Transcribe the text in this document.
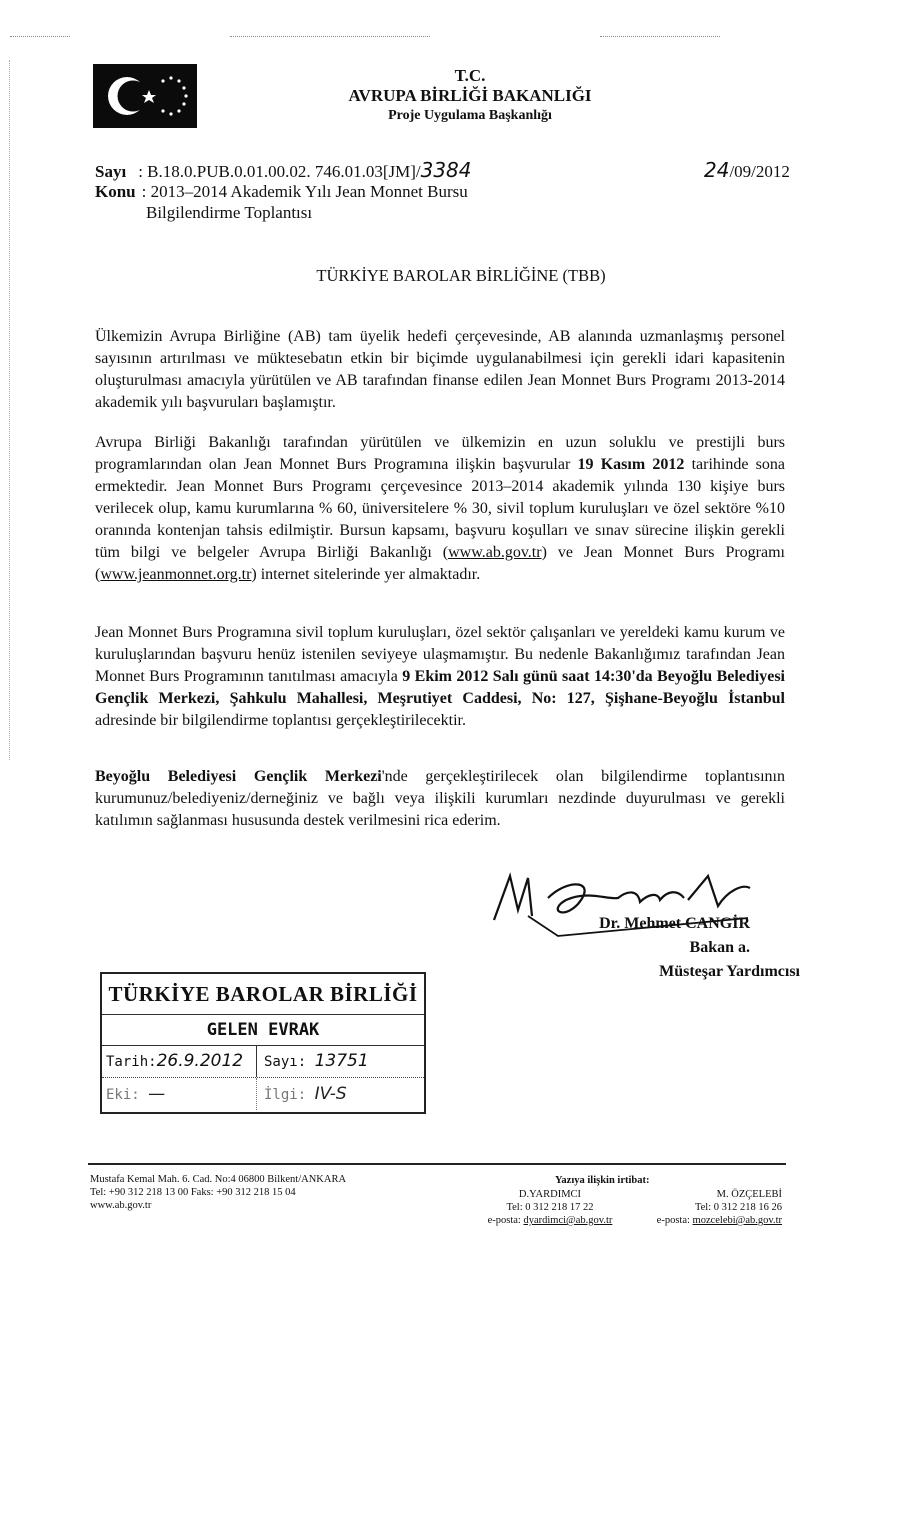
T.C.
AVRUPA BİRLİĞİ BAKANLIĞI
Proje Uygulama Başkanlığı
Sayı : B.18.0.PUB.0.01.00.02. 746.01.03[JM]/3384
Konu : 2013–2014 Akademik Yılı Jean Monnet Bursu
Bilgilendirme Toplantısı
24/09/2012
TÜRKİYE BAROLAR BİRLİĞİNE (TBB)
Ülkemizin Avrupa Birliğine (AB) tam üyelik hedefi çerçevesinde, AB alanında uzmanlaşmış personel sayısının artırılması ve müktesebatın etkin bir biçimde uygulanabilmesi için gerekli idari kapasitenin oluşturulması amacıyla yürütülen ve AB tarafından finanse edilen Jean Monnet Burs Programı 2013-2014 akademik yılı başvuruları başlamıştır.
Avrupa Birliği Bakanlığı tarafından yürütülen ve ülkemizin en uzun soluklu ve prestijli burs programlarından olan Jean Monnet Burs Programına ilişkin başvurular 19 Kasım 2012 tarihinde sona ermektedir. Jean Monnet Burs Programı çerçevesince 2013–2014 akademik yılında 130 kişiye burs verilecek olup, kamu kurumlarına % 60, üniversitelere % 30, sivil toplum kuruluşları ve özel sektöre %10 oranında kontenjan tahsis edilmiştir. Bursun kapsamı, başvuru koşulları ve sınav sürecine ilişkin gerekli tüm bilgi ve belgeler Avrupa Birliği Bakanlığı (www.ab.gov.tr) ve Jean Monnet Burs Programı (www.jeanmonnet.org.tr) internet sitelerinde yer almaktadır.
Jean Monnet Burs Programına sivil toplum kuruluşları, özel sektör çalışanları ve yereldeki kamu kurum ve kuruluşlarından başvuru henüz istenilen seviyeye ulaşmamıştır. Bu nedenle Bakanlığımız tarafından Jean Monnet Burs Programının tanıtılması amacıyla 9 Ekim 2012 Salı günü saat 14:30'da Beyoğlu Belediyesi Gençlik Merkezi, Şahkulu Mahallesi, Meşrutiyet Caddesi, No: 127, Şişhane-Beyoğlu İstanbul adresinde bir bilgilendirme toplantısı gerçekleştirilecektir.
Beyoğlu Belediyesi Gençlik Merkezi'nde gerçekleştirilecek olan bilgilendirme toplantısının kurumunuz/belediyeniz/derneğiniz ve bağlı veya ilişkili kurumları nezdinde duyurulması ve gerekli katılımın sağlanması hususunda destek verilmesini rica ederim.
Dr. Mehmet CANGİR
Bakan a.
Müsteşar Yardımcısı
TÜRKİYE BAROLAR BİRLİĞİ
GELEN EVRAK
Tarih:26.9.2012	Sayı: 13751
Eki: —	İlgi: IV-S
Mustafa Kemal Mah. 6. Cad. No:4 06800 Bilkent/ANKARA
Tel: +90 312 218 13 00 Faks: +90 312 218 15 04
www.ab.gov.tr
Yazıya ilişkin irtibat:
D.YARDIMCI
Tel: 0 312 218 17 22
e-posta: dyardimci@ab.gov.tr
M. ÖZÇELEBİ
Tel: 0 312 218 16 26
e-posta: mozcelebi@ab.gov.tr
